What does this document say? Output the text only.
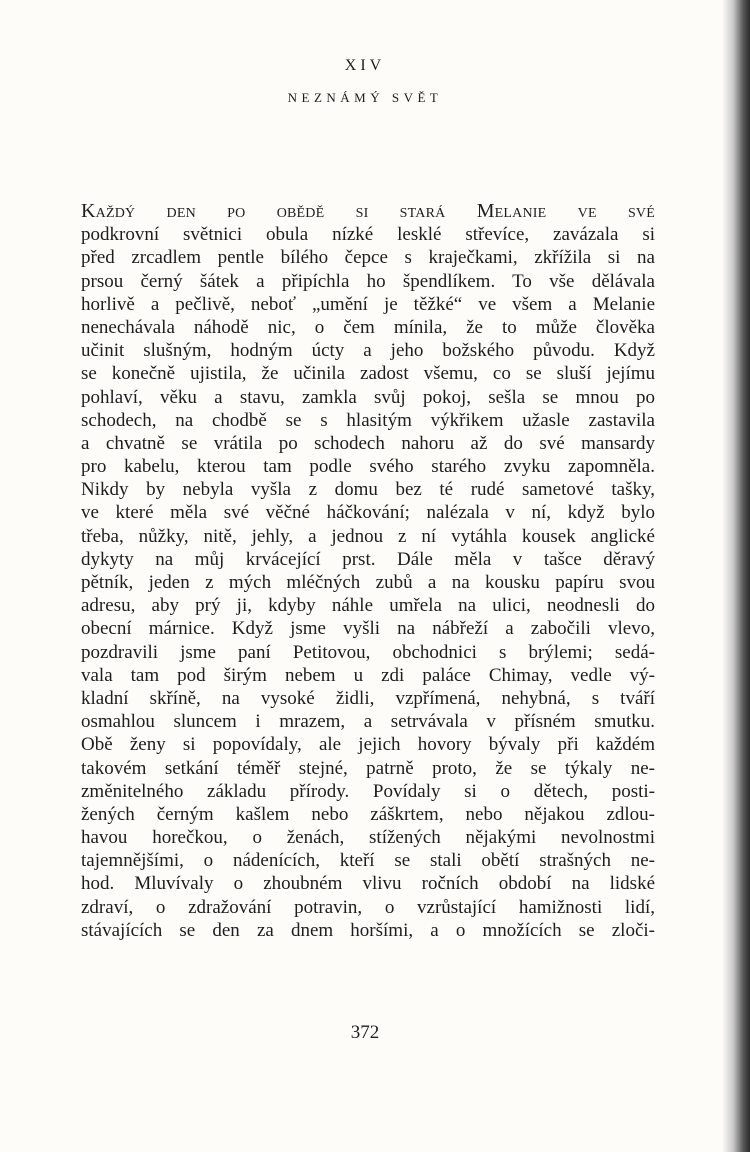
XIV
NEZNÁMÝ SVĚT
Každý den po obědě si stará Melanie ve své
podkrovní světnici obula nízké lesklé střevíce, zavázala si
před zrcadlem pentle bílého čepce s kraječkami, zkřížila si na
prsou černý šátek a připíchla ho špendlíkem. To vše dělávala
horlivě a pečlivě, neboť „umění je těžké“ ve všem a Melanie
nenechávala náhodě nic, o čem mínila, že to může člověka
učinit slušným, hodným úcty a jeho božského původu. Když
se konečně ujistila, že učinila zadost všemu, co se sluší jejímu
pohlaví, věku a stavu, zamkla svůj pokoj, sešla se mnou po
schodech, na chodbě se s hlasitým výkřikem užasle zastavila
a chvatně se vrátila po schodech nahoru až do své mansardy
pro kabelu, kterou tam podle svého starého zvyku zapomněla.
Nikdy by nebyla vyšla z domu bez té rudé sametové tašky,
ve které měla své věčné háčkování; nalézala v ní, když bylo
třeba, nůžky, nitě, jehly, a jednou z ní vytáhla kousek anglické
dykyty na můj krvácející prst. Dále měla v tašce děravý
pětník, jeden z mých mléčných zubů a na kousku papíru svou
adresu, aby prý ji, kdyby náhle umřela na ulici, neodnesli do
obecní márnice. Když jsme vyšli na nábřeží a zabočili vlevo,
pozdravili jsme paní Petitovou, obchodnici s brýlemi; sedá-
vala tam pod širým nebem u zdi paláce Chimay, vedle vý-
kladní skříně, na vysoké židli, vzpřímená, nehybná, s tváří
osmahlou sluncem i mrazem, a setrvávala v přísném smutku.
Obě ženy si popovídaly, ale jejich hovory bývaly při každém
takovém setkání téměř stejné, patrně proto, že se týkaly ne-
změnitelného základu přírody. Povídaly si o dětech, posti-
žených černým kašlem nebo záškrtem, nebo nějakou zdlou-
havou horečkou, o ženách, stížených nějakými nevolnostmi
tajemnějšími, o nádenících, kteří se stali obětí strašných ne-
hod. Mluvívaly o zhoubném vlivu ročních období na lidské
zdraví, o zdražování potravin, o vzrůstající hamižnosti lidí,
stávajících se den za dnem horšími, a o množících se zloči-
372
